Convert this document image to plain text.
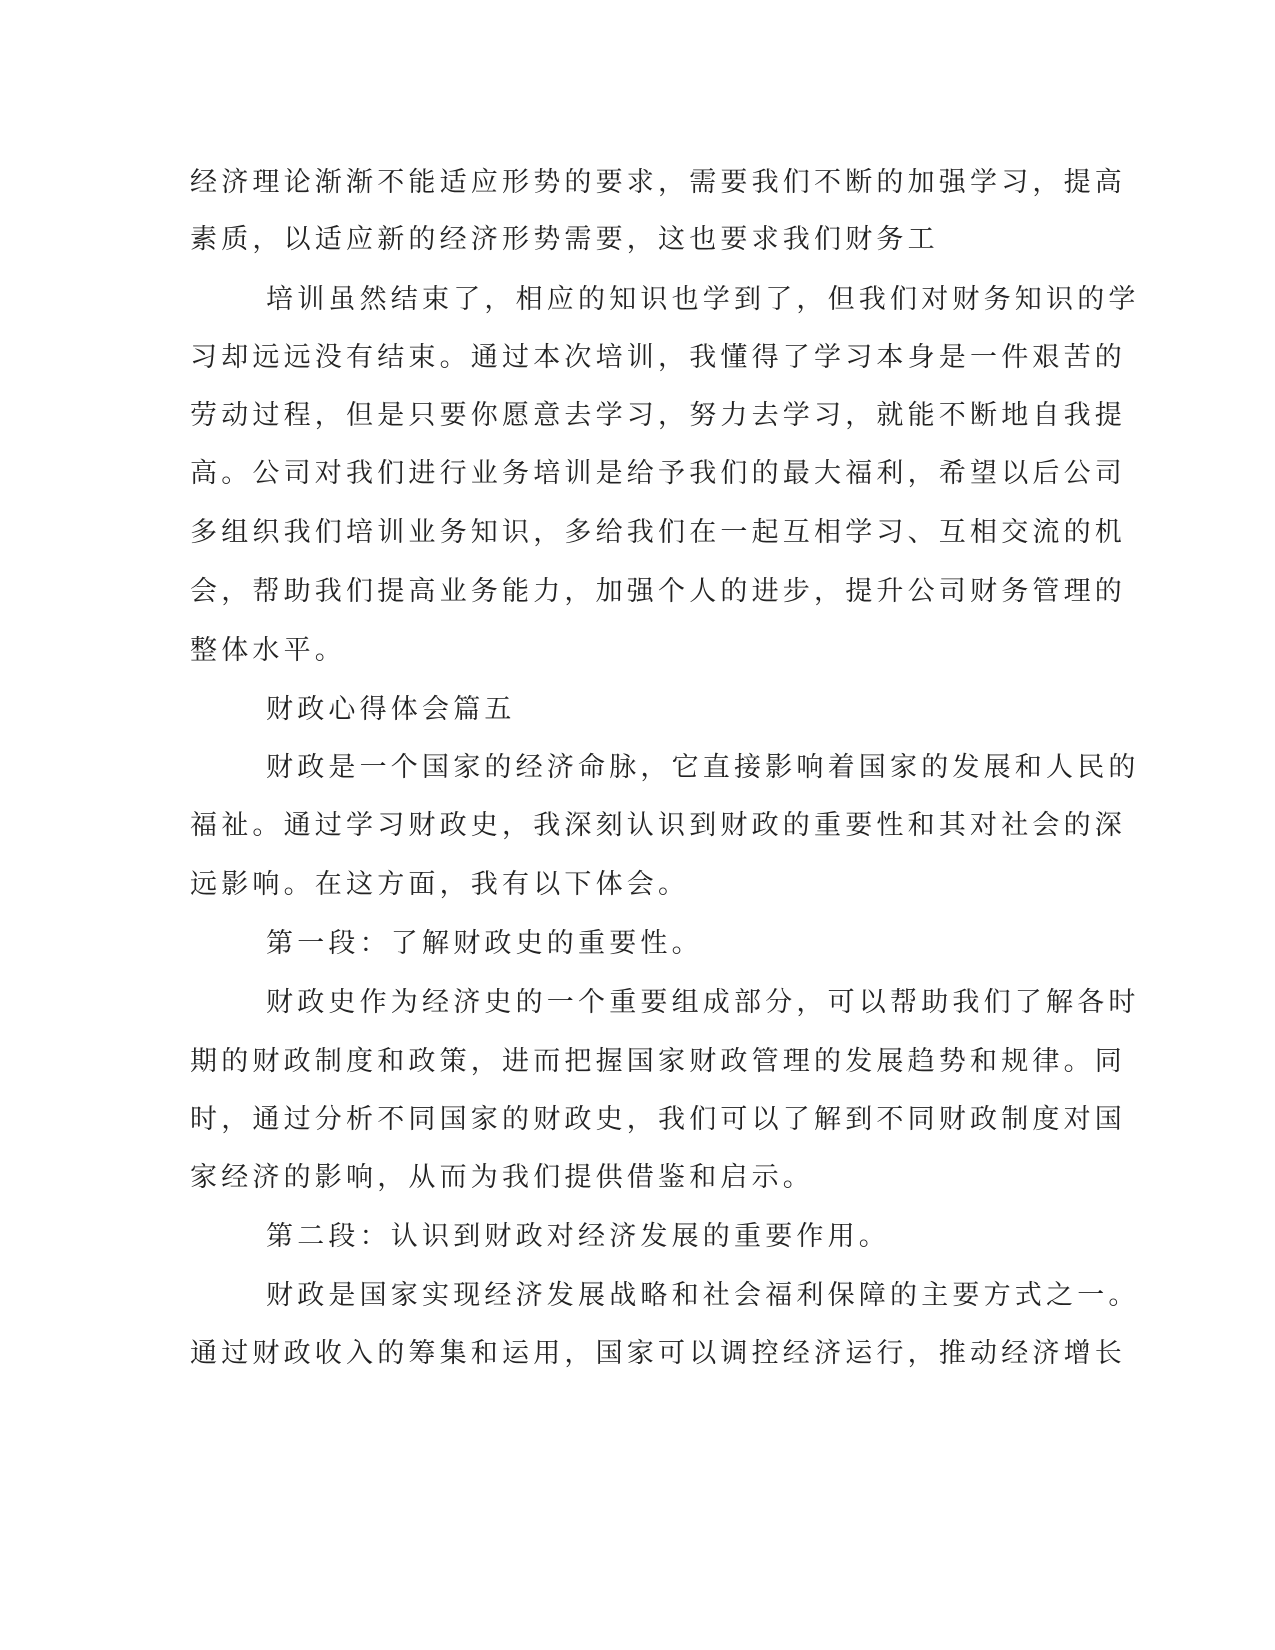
经济理论渐渐不能适应形势的要求，需要我们不断的加强学习，提高
素质，以适应新的经济形势需要，这也要求我们财务工
培训虽然结束了，相应的知识也学到了，但我们对财务知识的学
习却远远没有结束。通过本次培训，我懂得了学习本身是一件艰苦的
劳动过程，但是只要你愿意去学习，努力去学习，就能不断地自我提
高。公司对我们进行业务培训是给予我们的最大福利，希望以后公司
多组织我们培训业务知识，多给我们在一起互相学习、互相交流的机
会，帮助我们提高业务能力，加强个人的进步，提升公司财务管理的
整体水平。
财政心得体会篇五
财政是一个国家的经济命脉，它直接影响着国家的发展和人民的
福祉。通过学习财政史，我深刻认识到财政的重要性和其对社会的深
远影响。在这方面，我有以下体会。
第一段：了解财政史的重要性。
财政史作为经济史的一个重要组成部分，可以帮助我们了解各时
期的财政制度和政策，进而把握国家财政管理的发展趋势和规律。同
时，通过分析不同国家的财政史，我们可以了解到不同财政制度对国
家经济的影响，从而为我们提供借鉴和启示。
第二段：认识到财政对经济发展的重要作用。
财政是国家实现经济发展战略和社会福利保障的主要方式之一。
通过财政收入的筹集和运用，国家可以调控经济运行，推动经济增长
